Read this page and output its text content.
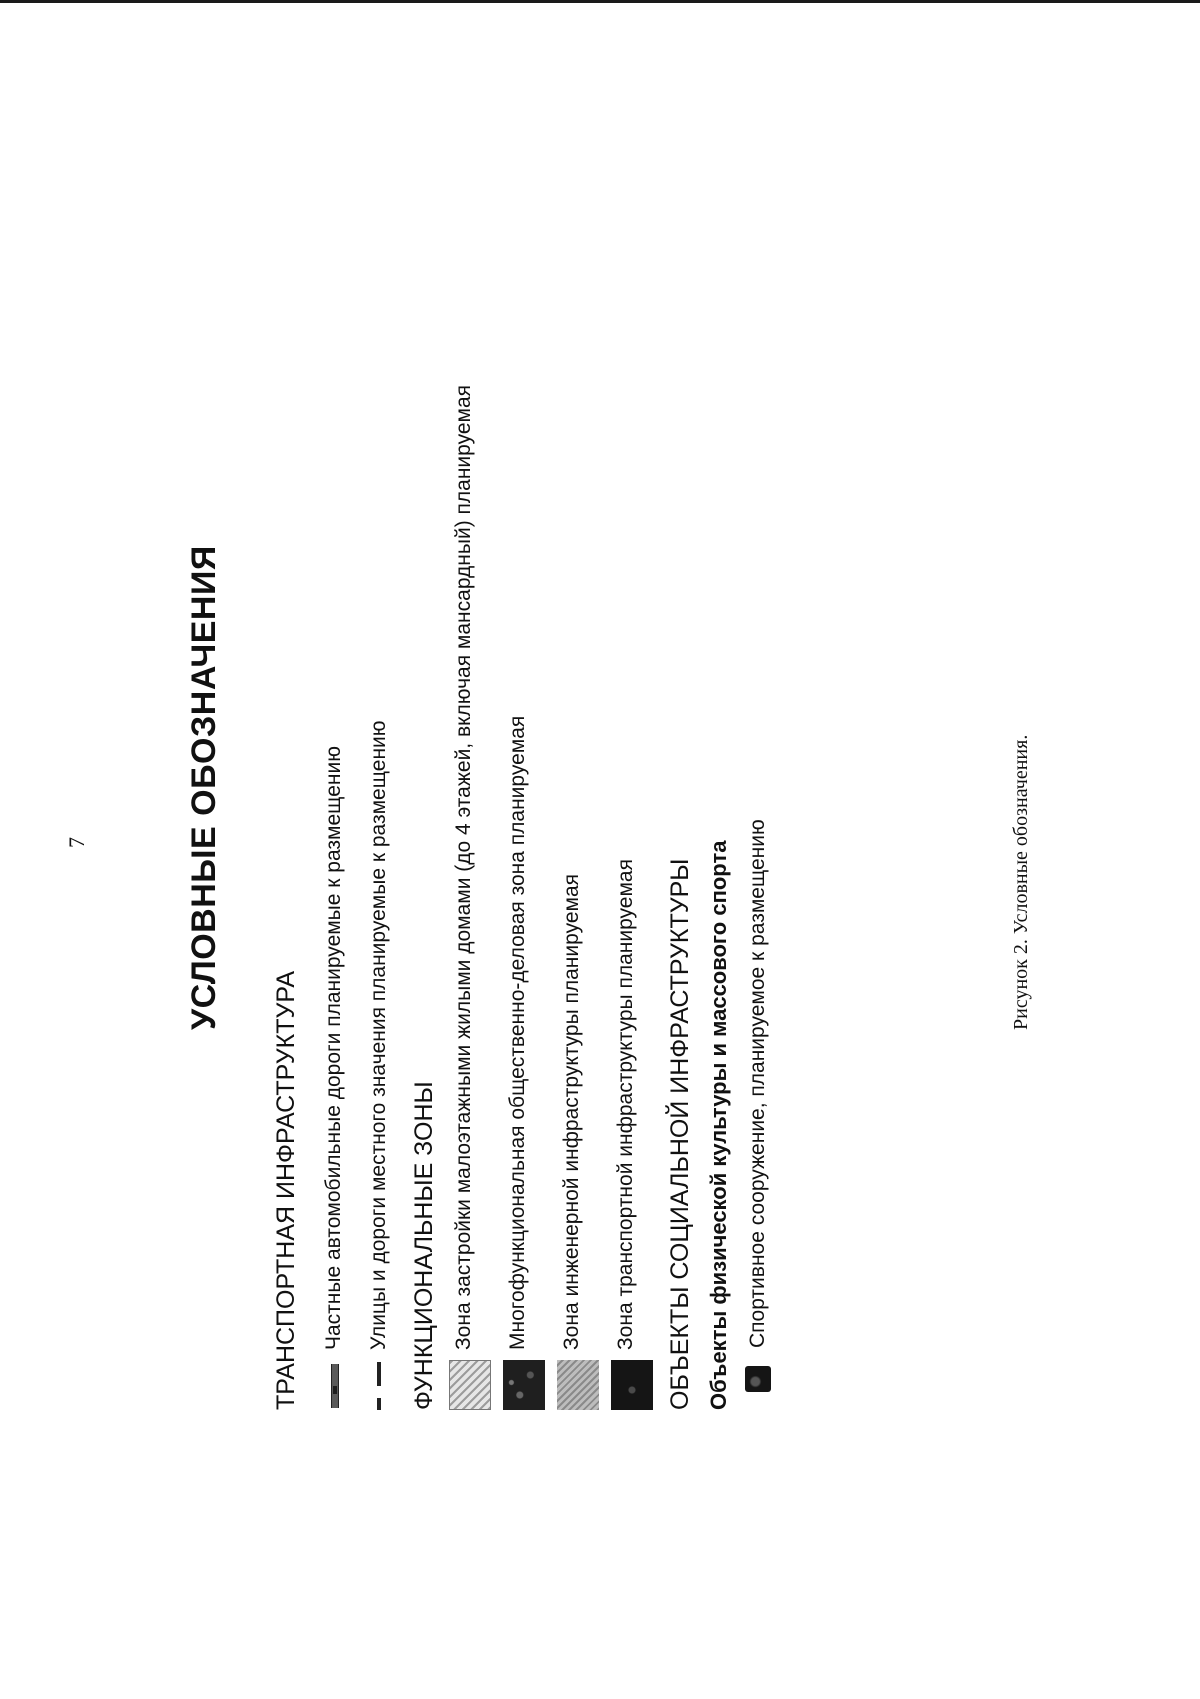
7	УСЛОВНЫЕ ОБОЗНАЧЕНИЯ
ТРАНСПОРТНАЯ ИНФРАСТРУКТУРА Частные автомобильные дороги планируемые к размещению Улицы и дороги местного значения планируемые к размещению ФУНКЦИОНАЛЬНЫЕ ЗОНЫ Зона застройки малоэтажными жилыми домами (до 4 этажей, включая мансардный) планируемая Многофункциональная общественно-деловая зона планируемая Зона инженерной инфраструктуры планируемая Зона транспортной инфраструктуры планируемая ОБЪЕКТЫ СОЦИАЛЬНОЙ ИНФРАСТРУКТУРЫ Объекты физической культуры и массового спорта Спортивное сооружение, планируемое к размещению	Рисунок 2. Условные обозначения.
